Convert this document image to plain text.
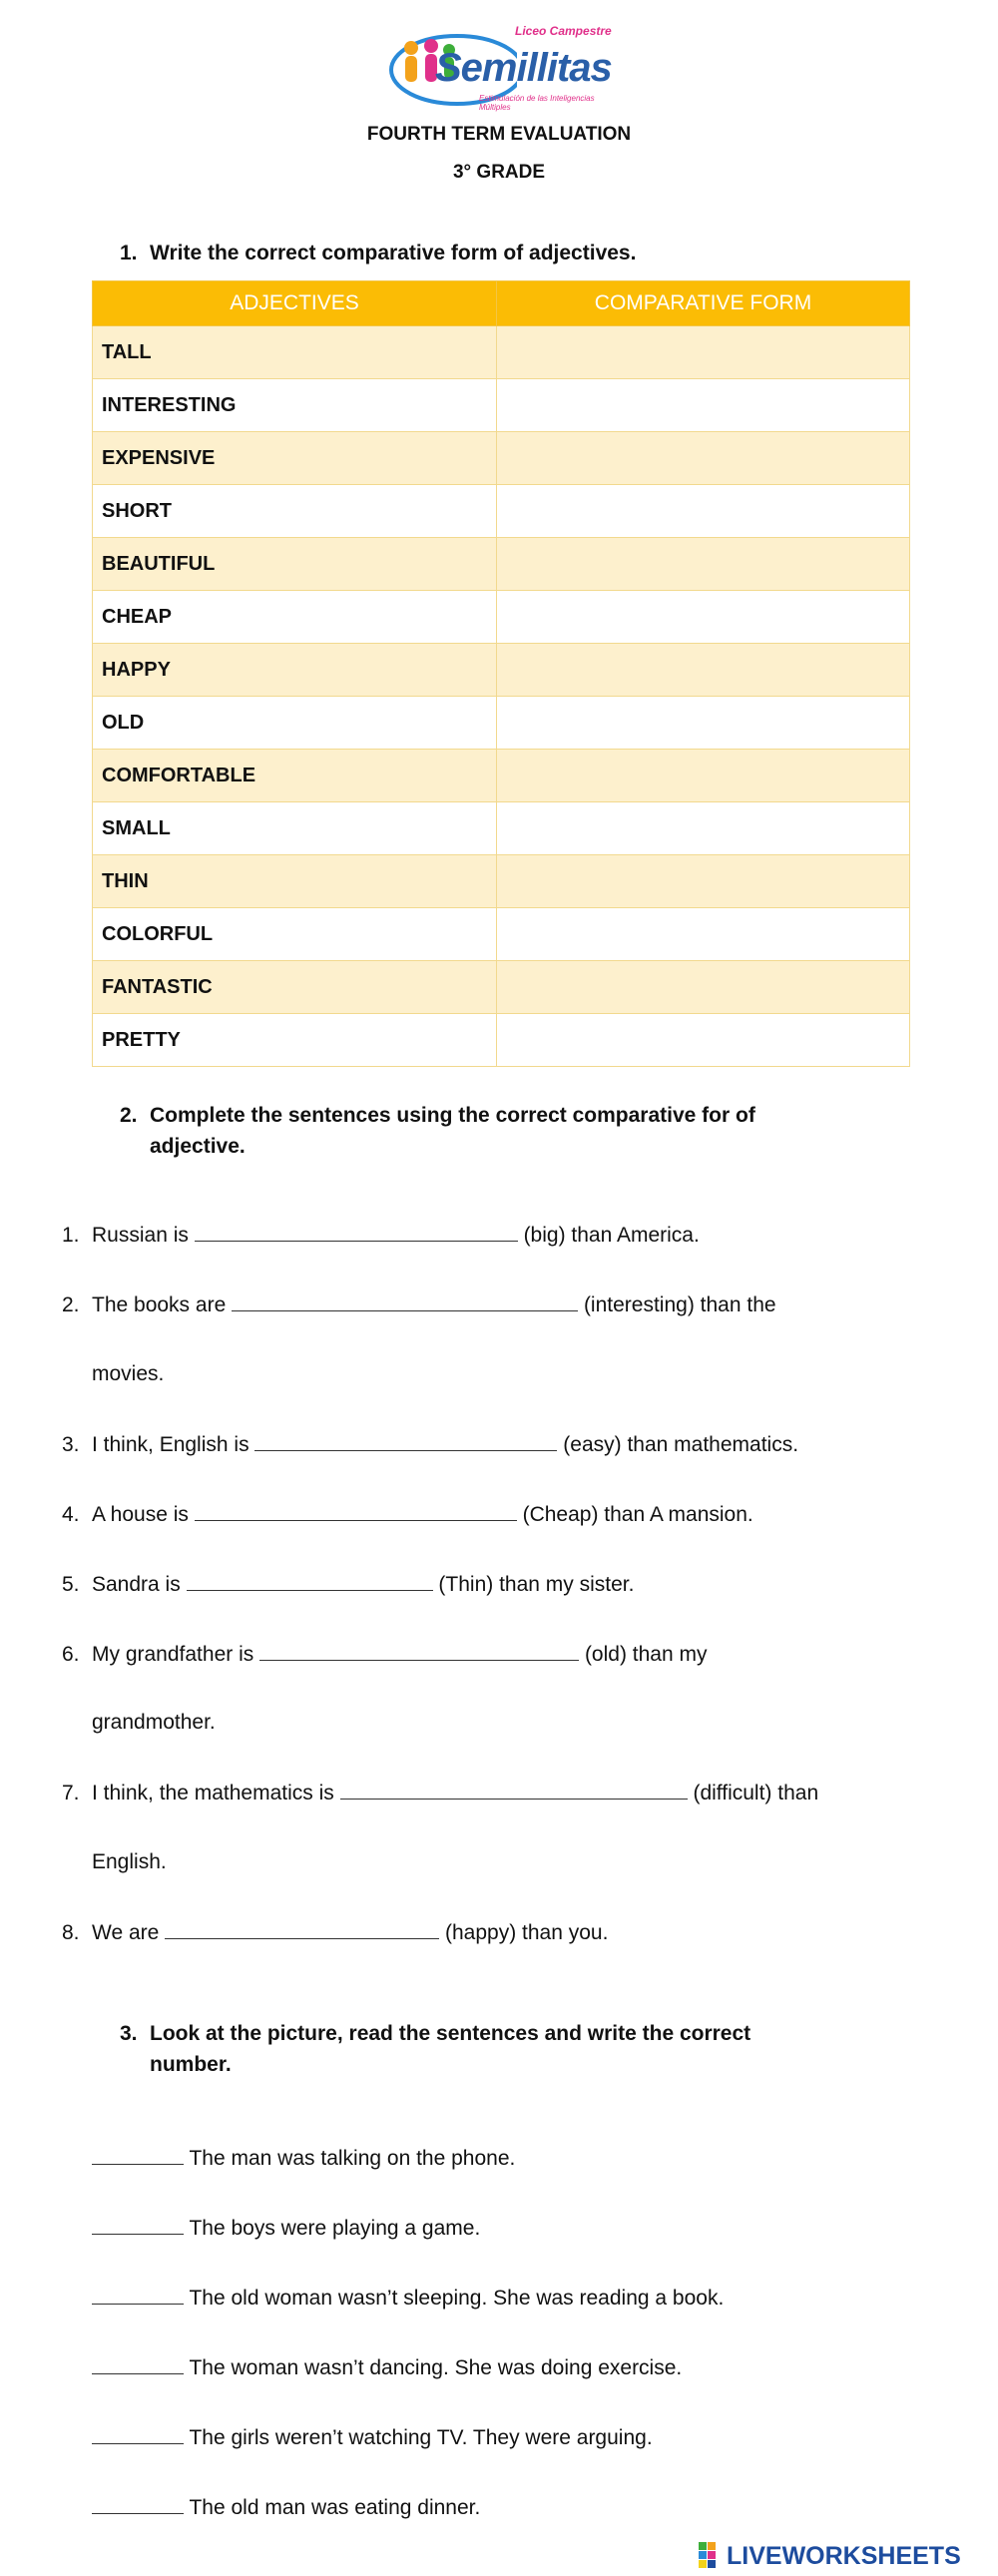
Liceo Campestre
Semillitas
Estimulación de las Inteligencias Múltiples
FOURTH TERM EVALUATION
3° GRADE
1. Write the correct comparative form of adjectives.
ADJECTIVES	COMPARATIVE FORM
TALL	
INTERESTING	
EXPENSIVE	
SHORT	
BEAUTIFUL	
CHEAP	
HAPPY	
OLD	
COMFORTABLE	
SMALL	
THIN	
COLORFUL	
FANTASTIC	
PRETTY	
2. Complete the sentences using the correct comparative for of
adjective.
1. Russian is	(big) than America.
2. The books are	(interesting) than the
movies.
3. I think, English is	(easy) than mathematics.
4. A house is	(Cheap) than A mansion.
5. Sandra is	(Thin) than my sister.
6. My grandfather is	(old) than my
grandmother.
7. I think, the mathematics is	(difficult) than
English.
8. We are	(happy) than you.
3. Look at the picture, read the sentences and write the correct
number.
The man was talking on the phone.
The boys were playing a game.
The old woman wasn’t sleeping. She was reading a book.
The woman wasn’t dancing. She was doing exercise.
The girls weren’t watching TV. They were arguing.
The old man was eating dinner.
LIVEWORKSHEETS
